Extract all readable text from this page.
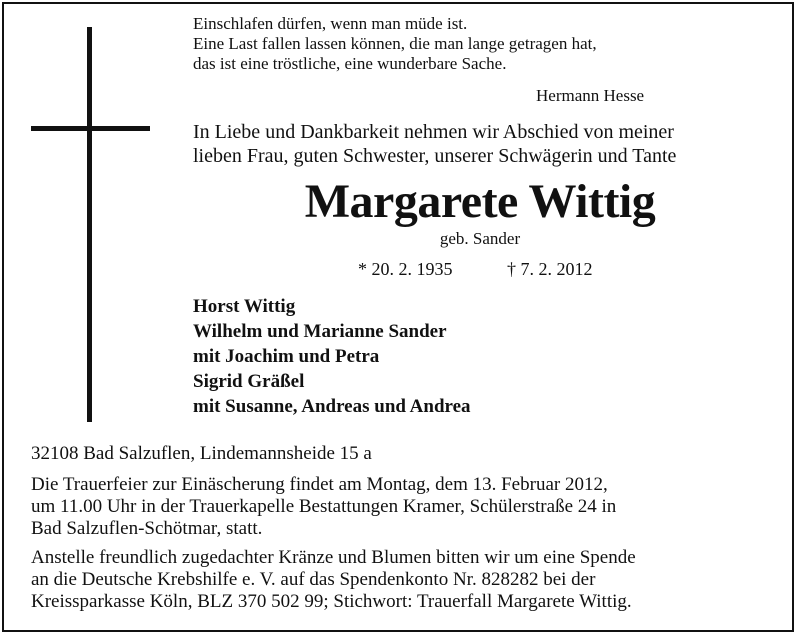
Einschlafen dürfen, wenn man müde ist.
Eine Last fallen lassen können, die man lange getragen hat,
das ist eine tröstliche, eine wunderbare Sache.
Hermann Hesse
In Liebe und Dankbarkeit nehmen wir Abschied von meiner
lieben Frau, guten Schwester, unserer Schwägerin und Tante
Margarete Wittig
geb. Sander
* 20. 2. 1935	† 7. 2. 2012
Horst Wittig
Wilhelm und Marianne Sander
mit Joachim und Petra
Sigrid Gräßel
mit Susanne, Andreas und Andrea
32108 Bad Salzuflen, Lindemannsheide 15 a
Die Trauerfeier zur Einäscherung findet am Montag, dem 13. Februar 2012,
um 11.00 Uhr in der Trauerkapelle Bestattungen Kramer, Schülerstraße 24 in
Bad Salzuflen-Schötmar, statt.
Anstelle freundlich zugedachter Kränze und Blumen bitten wir um eine Spende
an die Deutsche Krebshilfe e. V. auf das Spendenkonto Nr. 828282 bei der
Kreissparkasse Köln, BLZ 370 502 99; Stichwort: Trauerfall Margarete Wittig.
